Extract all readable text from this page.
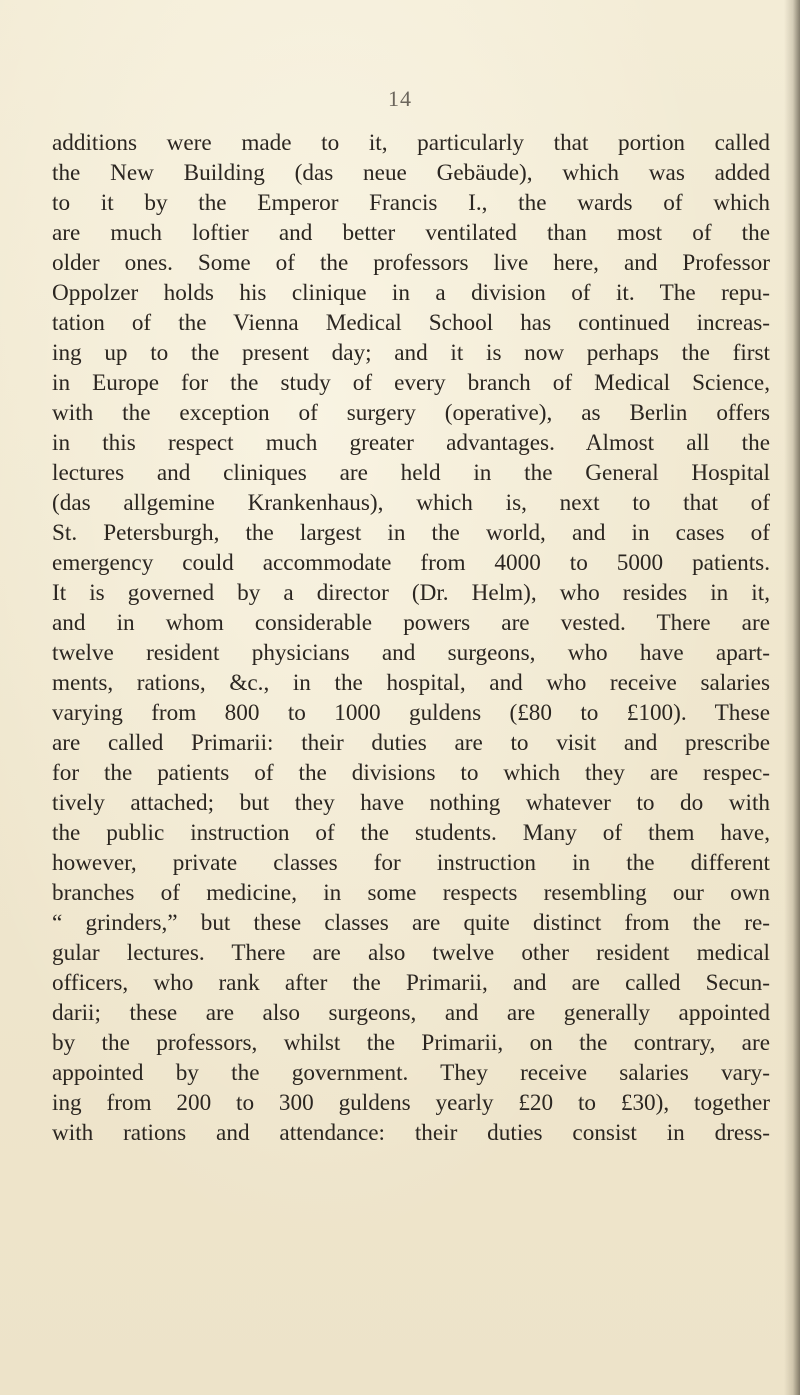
14
additions were made to it, particularly that portion called
the New Building (das neue Gebäude), which was added
to it by the Emperor Francis I., the wards of which
are much loftier and better ventilated than most of the
older ones. Some of the professors live here, and Professor
Oppolzer holds his clinique in a division of it. The repu-
tation of the Vienna Medical School has continued increas-
ing up to the present day; and it is now perhaps the first
in Europe for the study of every branch of Medical Science,
with the exception of surgery (operative), as Berlin offers
in this respect much greater advantages. Almost all the
lectures and cliniques are held in the General Hospital
(das allgemine Krankenhaus), which is, next to that of
St. Petersburgh, the largest in the world, and in cases of
emergency could accommodate from 4000 to 5000 patients.
It is governed by a director (Dr. Helm), who resides in it,
and in whom considerable powers are vested. There are
twelve resident physicians and surgeons, who have apart-
ments, rations, &c., in the hospital, and who receive salaries
varying from 800 to 1000 guldens (£80 to £100). These
are called Primarii: their duties are to visit and prescribe
for the patients of the divisions to which they are respec-
tively attached; but they have nothing whatever to do with
the public instruction of the students. Many of them have,
however, private classes for instruction in the different
branches of medicine, in some respects resembling our own
“ grinders,” but these classes are quite distinct from the re-
gular lectures. There are also twelve other resident medical
officers, who rank after the Primarii, and are called Secun-
darii; these are also surgeons, and are generally appointed
by the professors, whilst the Primarii, on the contrary, are
appointed by the government. They receive salaries vary-
ing from 200 to 300 guldens yearly £20 to £30), together
with rations and attendance: their duties consist in dress-
